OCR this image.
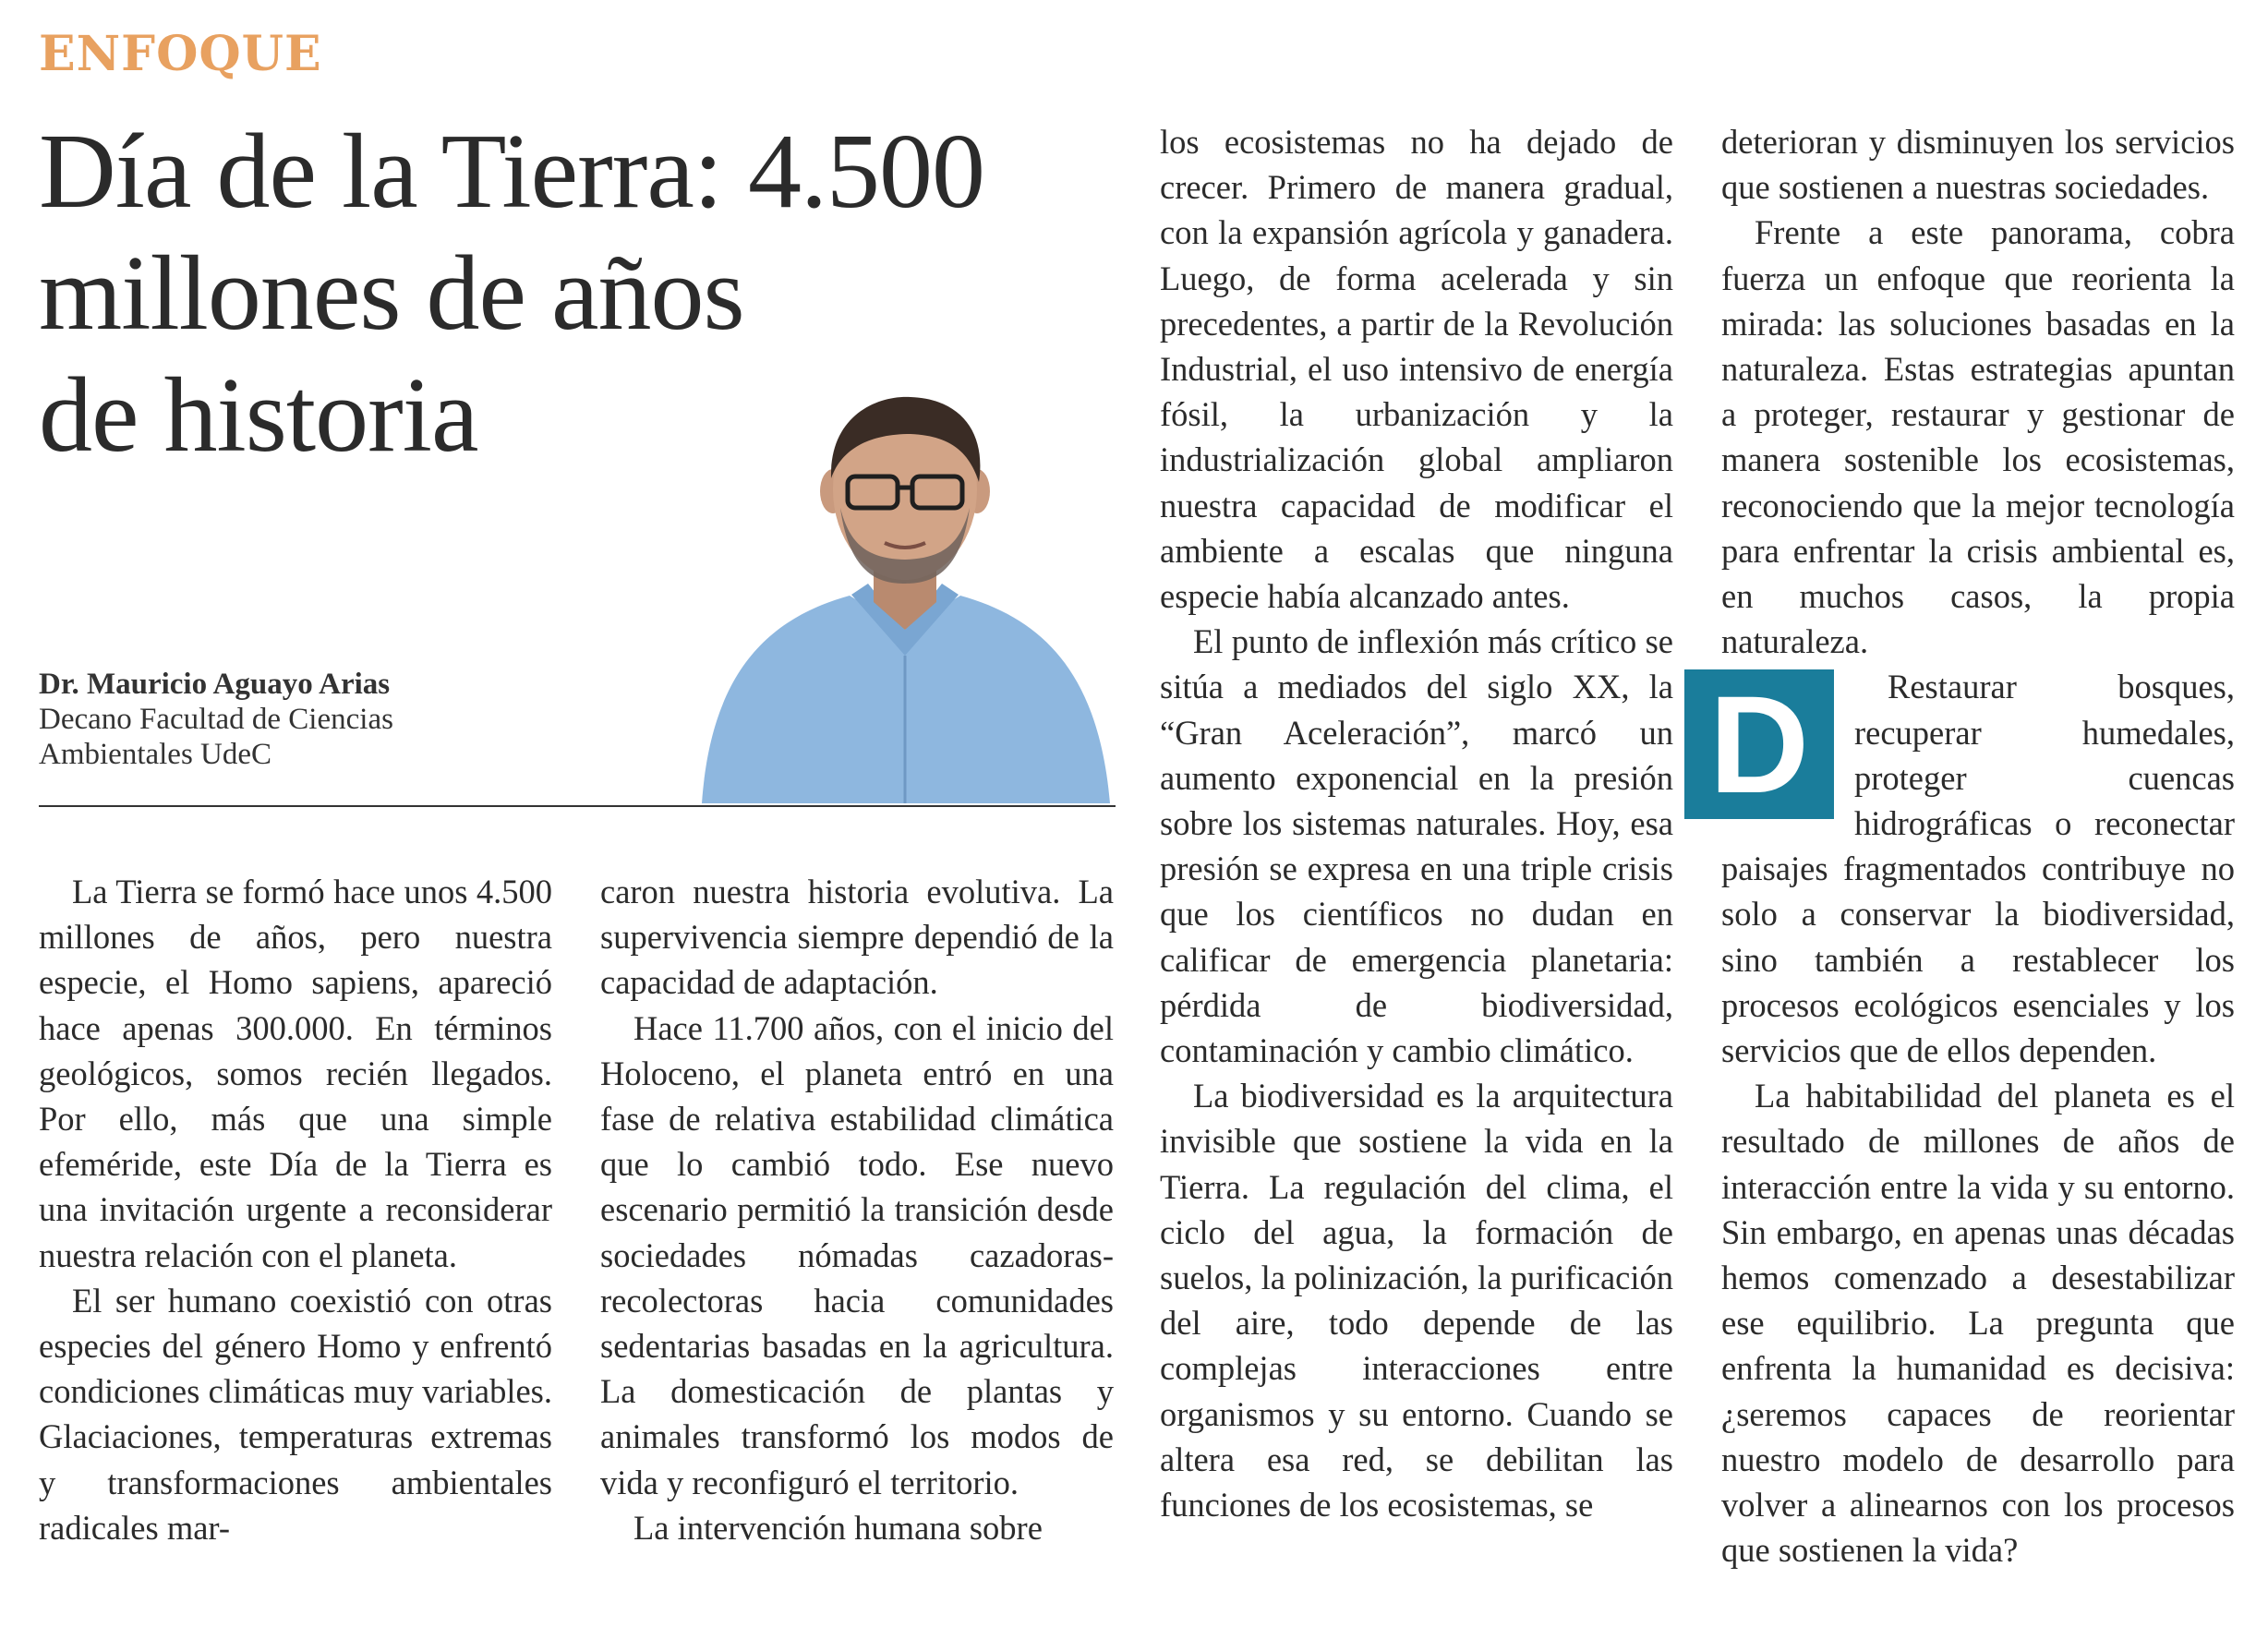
ENFOQUE
Día de la Tierra: 4.500
millones de años
de historia
Dr. Mauricio Aguayo Arias
Decano Facultad de Ciencias
Ambientales UdeC

La Tierra se formó hace unos 4.500 millones de años, pero nuestra especie, el Homo sapiens, apareció hace apenas 300.000. En términos geológicos, somos recién llegados. Por ello, más que una simple efeméride, este Día de la Tierra es una invitación urgente a reconsiderar nuestra relación con el planeta.

El ser humano coexistió con otras especies del género Homo y enfrentó condiciones climáticas muy variables. Glaciaciones, temperaturas extremas y transformaciones ambientales radicales mar-

caron nuestra historia evolutiva. La supervivencia siempre dependió de la capacidad de adaptación.

Hace 11.700 años, con el inicio del Holoceno, el planeta entró en una fase de relativa estabilidad climática que lo cambió todo. Ese nuevo escenario permitió la transición desde sociedades nómadas cazadoras-recolectoras hacia comunidades sedentarias basadas en la agricultura. La domesticación de plantas y animales transformó los modos de vida y reconfiguró el territorio.

La intervención humana sobre

los ecosistemas no ha dejado de crecer. Primero de manera gradual, con la expansión agrícola y ganadera. Luego, de forma acelerada y sin precedentes, a partir de la Revolución Industrial, el uso intensivo de energía fósil, la urbanización y la industrialización global ampliaron nuestra capacidad de modificar el ambiente a escalas que ninguna especie había alcanzado antes.

El punto de inflexión más crítico se sitúa a mediados del siglo XX, la “Gran Aceleración”, marcó un aumento exponencial en la presión sobre los sistemas naturales. Hoy, esa presión se expresa en una triple crisis que los científicos no dudan en calificar de emergencia planetaria: pérdida de biodiversidad, contaminación y cambio climático.

La biodiversidad es la arquitectura invisible que sostiene la vida en la Tierra. La regulación del clima, el ciclo del agua, la formación de suelos, la polinización, la purificación del aire, todo depende de las complejas interacciones entre organismos y su entorno. Cuando se altera esa red, se debilitan las funciones de los ecosistemas, se

deterioran y disminuyen los servicios que sostienen a nuestras sociedades.

Frente a este panorama, cobra fuerza un enfoque que reorienta la mirada: las soluciones basadas en la naturaleza. Estas estrategias apuntan a proteger, restaurar y gestionar de manera sostenible los ecosistemas, reconociendo que la mejor tecnología para enfrentar la crisis ambiental es, en muchos casos, la propia naturaleza.

D	Restaurar bosques, recuperar humedales, proteger cuencas hidrográficas o reconectar paisajes fragmentados contribuye no solo a conservar la biodiversidad, sino también a restablecer los procesos ecológicos esenciales y los servicios que de ellos dependen.

La habitabilidad del planeta es el resultado de millones de años de interacción entre la vida y su entorno. Sin embargo, en apenas unas décadas hemos comenzado a desestabilizar ese equilibrio. La pregunta que enfrenta la humanidad es decisiva: ¿seremos capaces de reorientar nuestro modelo de desarrollo para volver a alinearnos con los procesos que sostienen la vida?
